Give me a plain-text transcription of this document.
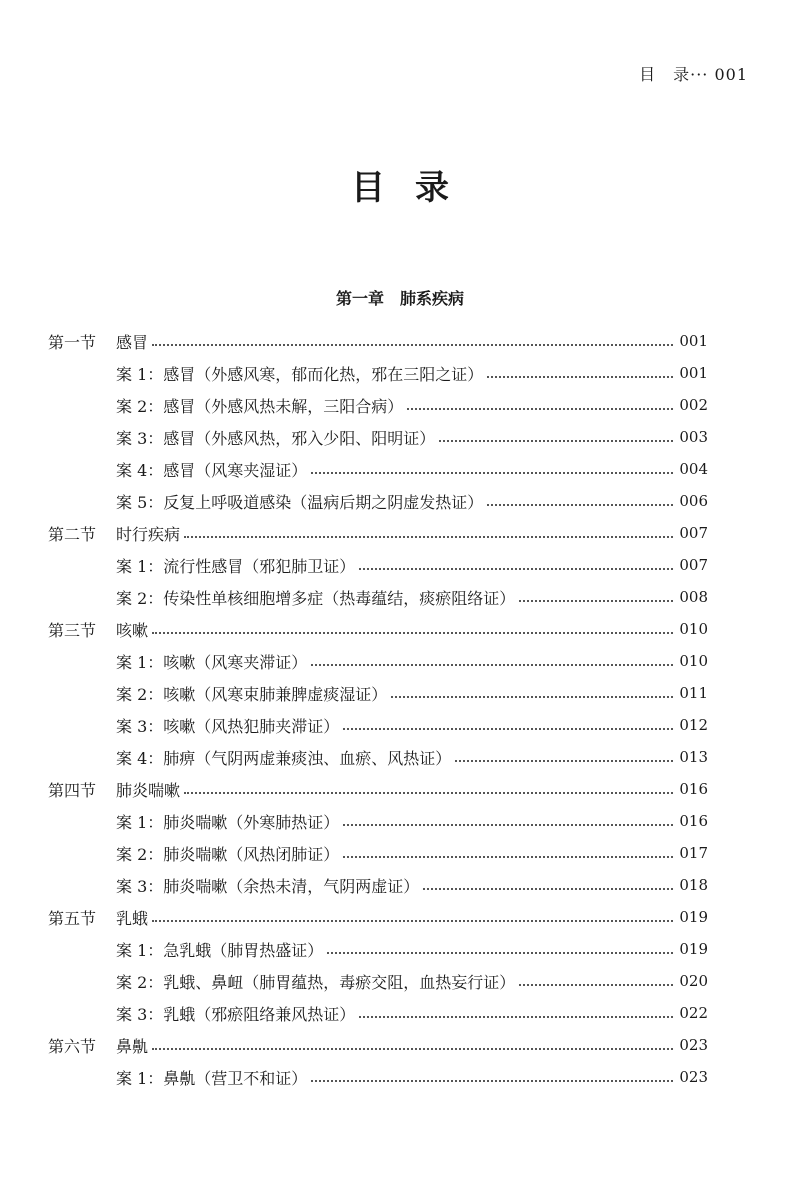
目　录··· 001
目录
第一章　肺系疾病
第一节	感冒	001
案 1：感冒（外感风寒，郁而化热，邪在三阳之证）	001
案 2：感冒（外感风热未解，三阳合病）	002
案 3：感冒（外感风热，邪入少阳、阳明证）	003
案 4：感冒（风寒夹湿证）	004
案 5：反复上呼吸道感染（温病后期之阴虚发热证）	006
第二节	时行疾病	007
案 1：流行性感冒（邪犯肺卫证）	007
案 2：传染性单核细胞增多症（热毒蕴结，痰瘀阻络证）	008
第三节	咳嗽	010
案 1：咳嗽（风寒夹滞证）	010
案 2：咳嗽（风寒束肺兼脾虚痰湿证）	011
案 3：咳嗽（风热犯肺夹滞证）	012
案 4：肺痹（气阴两虚兼痰浊、血瘀、风热证）	013
第四节	肺炎喘嗽	016
案 1：肺炎喘嗽（外寒肺热证）	016
案 2：肺炎喘嗽（风热闭肺证）	017
案 3：肺炎喘嗽（余热未清，气阴两虚证）	018
第五节	乳蛾	019
案 1：急乳蛾（肺胃热盛证）	019
案 2：乳蛾、鼻衄（肺胃蕴热，毒瘀交阻，血热妄行证）	020
案 3：乳蛾（邪瘀阻络兼风热证）	022
第六节	鼻鼽	023
案 1：鼻鼽（营卫不和证）	023
